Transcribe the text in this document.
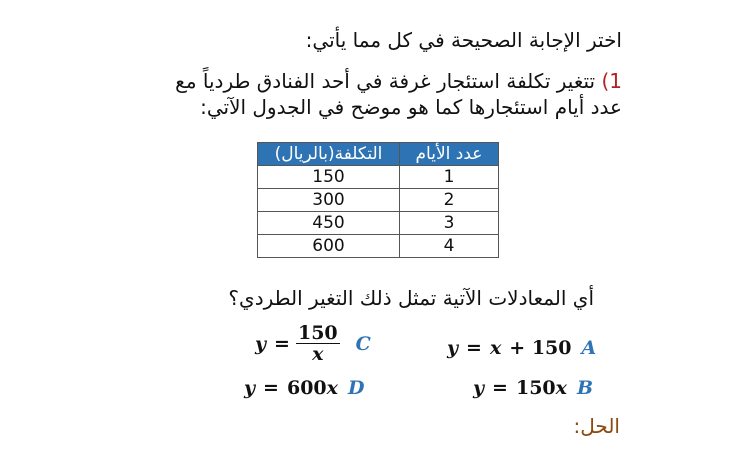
اختر الإجابة الصحيحة في كل مما يأتي:
1) تتغير تكلفة استئجار غرفة في أحد الفنادق طردياً مع عدد أيام استئجارها كما هو موضح في الجدول الآتي:
عدد الأيام	التكلفة(بالريال)
1	150
2	300
3	450
4	600
أي المعادلات الآتية تمثل ذلك التغير الطردي؟
y = x + 150 A
y = 150 x B
$y = \frac{150}{x}$ C
y = 600 x D
الحل:
